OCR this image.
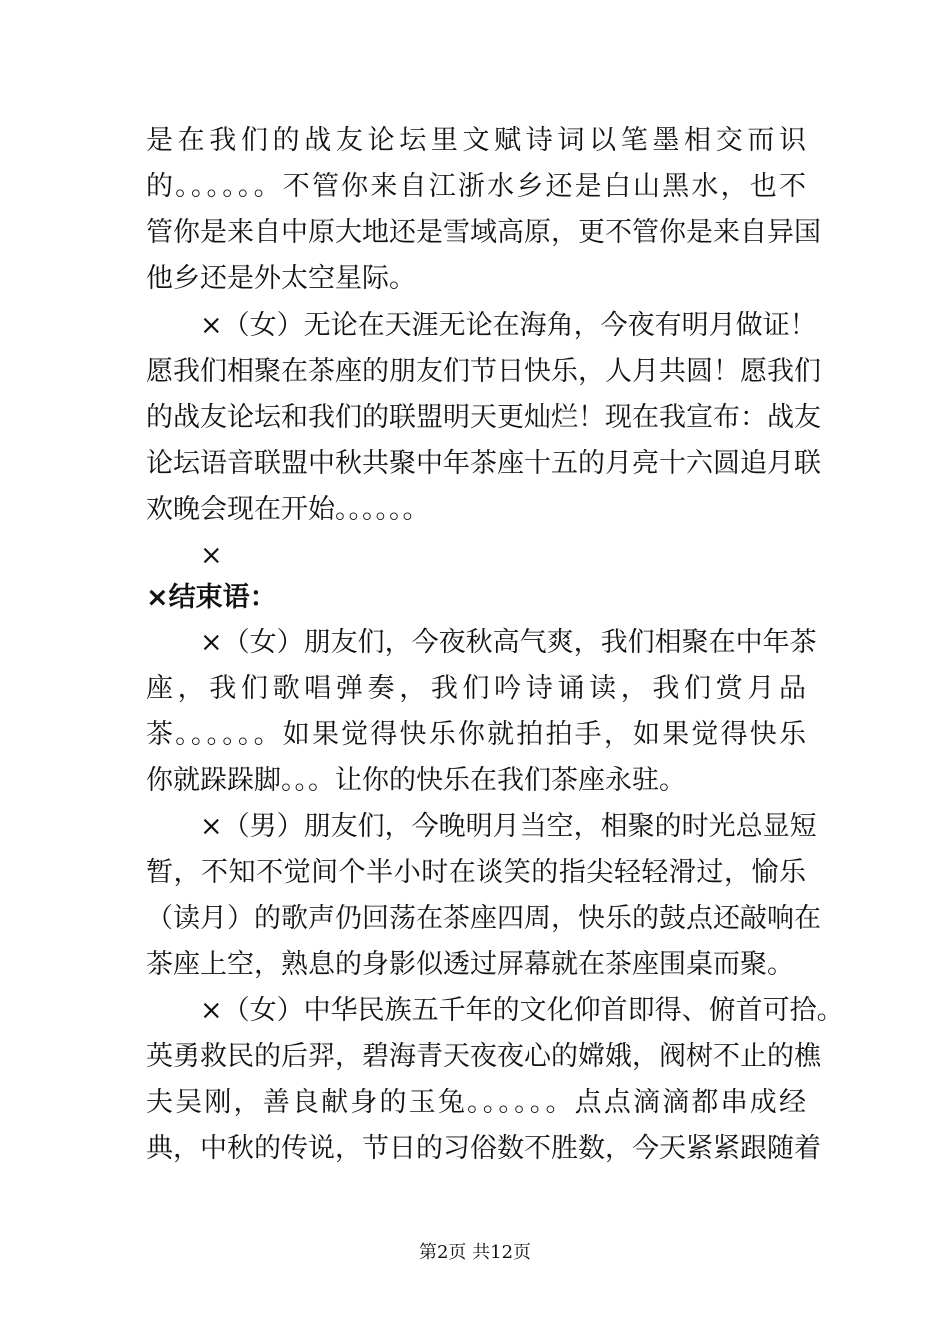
是在我们的战友论坛里文赋诗词以笔墨相交而识
的。。。。。。不管你来自江浙水乡还是白山黑水，也不
管你是来自中原大地还是雪域高原，更不管你是来自异国
他乡还是外太空星际。
×（女）无论在天涯无论在海角，今夜有明月做证！
愿我们相聚在茶座的朋友们节日快乐，人月共圆！愿我们
的战友论坛和我们的联盟明天更灿烂！现在我宣布：战友
论坛语音联盟中秋共聚中年茶座十五的月亮十六圆追月联
欢晚会现在开始。。。。。。
×
×结束语：
×（女）朋友们，今夜秋高气爽，我们相聚在中年茶
座，我们歌唱弹奏，我们吟诗诵读，我们赏月品
茶。。。。。。如果觉得快乐你就拍拍手，如果觉得快乐
你就跺跺脚。。。让你的快乐在我们茶座永驻。
×（男）朋友们，今晚明月当空，相聚的时光总显短
暂，不知不觉间个半小时在谈笑的指尖轻轻滑过，愉乐
（读月）的歌声仍回荡在茶座四周，快乐的鼓点还敲响在
茶座上空，熟息的身影似透过屏幕就在茶座围桌而聚。
×（女）中华民族五千年的文化仰首即得、俯首可拾。
英勇救民的后羿，碧海青天夜夜心的嫦娥，阀树不止的樵
夫吴刚，善良献身的玉兔。。。。。。点点滴滴都串成经
典，中秋的传说，节日的习俗数不胜数，今天紧紧跟随着
第2页 共12页
